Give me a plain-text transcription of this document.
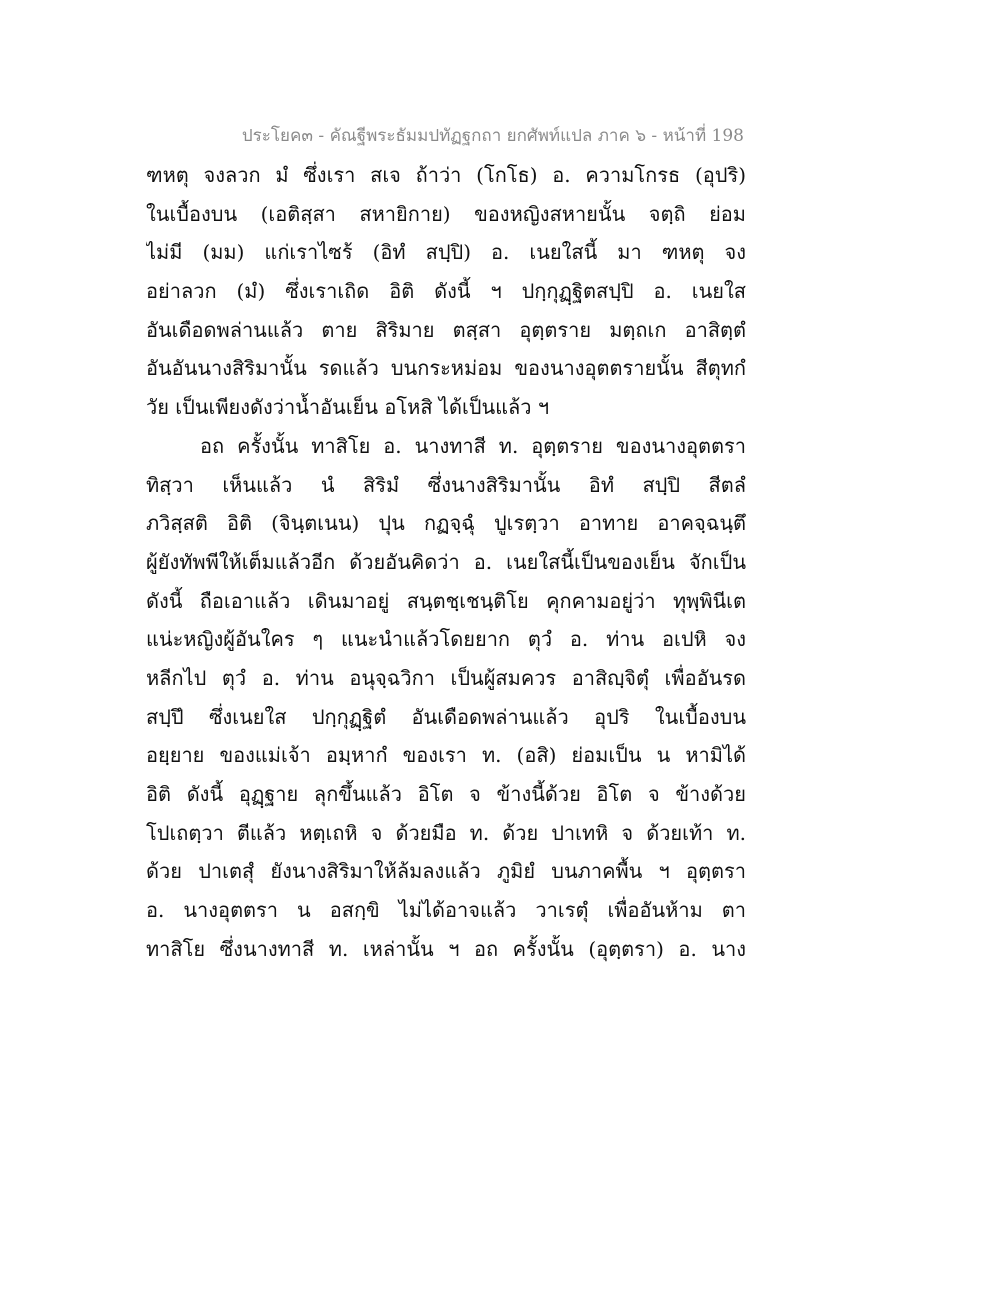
ประโยค๓ - คัณฐีพระธัมมปทัฏฐกถา ยกศัพท์แปล ภาค ๖ - หน้าที่ 198
ฑหตุ จงลวก มํ ซึ่งเรา สเจ ถ้าว่า (โกโธ) อ. ความโกรธ (อุปริ)
ในเบื้องบน (เอติสฺสา สหายิกาย) ของหญิงสหายนั้น จตฺถิ ย่อม
ไม่มี (มม) แก่เราไซร้ (อิทํ สปฺปิ) อ. เนยใสนี้ มา ฑหตุ จง
อย่าลวก (มํ) ซึ่งเราเถิด อิติ ดังนี้ ฯ ปกฺกุฏฺฐิตสปฺปิ อ. เนยใส
อันเดือดพล่านแล้ว ตาย สิริมาย ตสฺสา อุตฺตราย มตฺถเก อาสิตฺตํ
อันอันนางสิริมานั้น รดแล้ว บนกระหม่อม ของนางอุตตรายนั้น สีตุทกํ
วัย เป็นเพียงดังว่าน้ำอันเย็น อโหสิ ได้เป็นแล้ว ฯ
อถ ครั้งนั้น ทาสิโย อ. นางทาสี ท. อุตฺตราย ของนางอุตตรา
ทิสฺวา เห็นแล้ว นํ สิริมํ ซึ่งนางสิริมานั้น อิทํ สปฺปิ สีตลํ
ภวิสฺสติ อิติ (จินฺตเนน) ปุน กฏจฺฉุํ ปูเรตฺวา อาทาย อาคจฺฉนฺตึ
ผู้ยังทัพพีให้เต็มแล้วอีก ด้วยอันคิดว่า อ. เนยใสนี้เป็นของเย็น จักเป็น
ดังนี้ ถือเอาแล้ว เดินมาอยู่ สนฺตชฺเชนฺติโย คุกคามอยู่ว่า ทุพฺพินีเต
แน่ะหญิงผู้อันใคร ๆ แนะนำแล้วโดยยาก ตุวํ อ. ท่าน อเปหิ จง
หลีกไป ตุวํ อ. ท่าน อนุจฺฉวิกา เป็นผู้สมควร อาสิญฺจิตุํ เพื่ออันรด
สปฺปึ ซึ่งเนยใส ปกฺกุฏฺฐิตํ อันเดือดพล่านแล้ว อุปริ ในเบื้องบน
อยฺยาย ของแม่เจ้า อมฺหากํ ของเรา ท. (อสิ) ย่อมเป็น น หามิได้
อิติ ดังนี้ อุฏฺฐาย ลุกขึ้นแล้ว อิโต จ ข้างนี้ด้วย อิโต จ ข้างด้วย
โปเถตฺวา ตีแล้ว หตฺเถหิ จ ด้วยมือ ท. ด้วย ปาเทหิ จ ด้วยเท้า ท.
ด้วย ปาเตสุํ ยังนางสิริมาให้ล้มลงแล้ว ภูมิยํ บนภาคพื้น ฯ อุตฺตรา
อ. นางอุตตรา น อสกฺขิ ไม่ได้อาจแล้ว วาเรตุํ เพื่ออันห้าม ตา
ทาสิโย ซึ่งนางทาสี ท. เหล่านั้น ฯ อถ ครั้งนั้น (อุตฺตรา) อ. นาง
